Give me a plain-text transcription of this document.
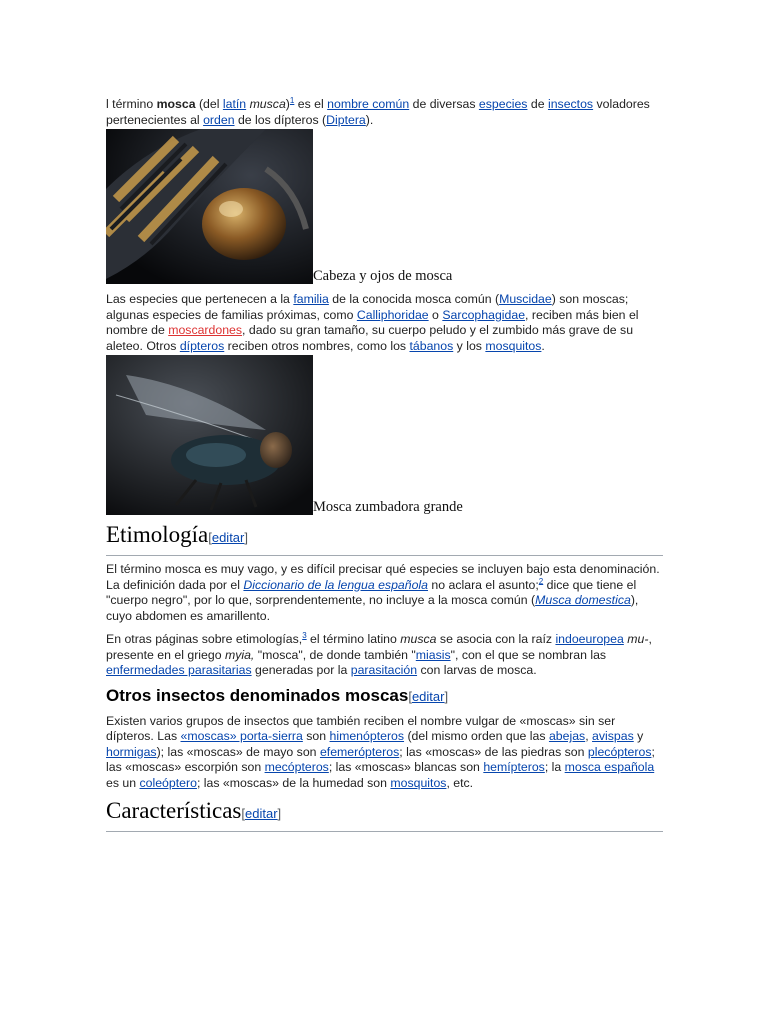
l término mosca (del latín musca)$^1$ es el nombre común de diversas especies de insectos voladores pertenecientes al orden de los dípteros (Diptera).

Cabeza y ojos de mosca

Las especies que pertenecen a la familia de la conocida mosca común (Muscidae) son moscas; algunas especies de familias próximas, como Calliphoridae o Sarcophagidae, reciben más bien el nombre de moscardones, dado su gran tamaño, su cuerpo peludo y el zumbido más grave de su aleteo. Otros dípteros reciben otros nombres, como los tábanos y los mosquitos.

Mosca zumbadora grande
Etimología[editar]

El término mosca es muy vago, y es difícil precisar qué especies se incluyen bajo esta denominación. La definición dada por el Diccionario de la lengua española no aclara el asunto;$^2$ dice que tiene el "cuerpo negro", por lo que, sorprendentemente, no incluye a la mosca común (Musca domestica), cuyo abdomen es amarillento.

En otras páginas sobre etimologías,$^3$ el término latino musca se asocia con la raíz indoeuropea mu-, presente en el griego myia, "mosca", de donde también "miasis", con el que se nombran las enfermedades parasitarias generadas por la parasitación con larvas de mosca.

Otros insectos denominados moscas[editar]

Existen varios grupos de insectos que también reciben el nombre vulgar de «moscas» sin ser dípteros. Las «moscas» porta-sierra son himenópteros (del mismo orden que las abejas, avispas y hormigas); las «moscas» de mayo son efemerópteros; las «moscas» de las piedras son plecópteros; las «moscas» escorpión son mecópteros; las «moscas» blancas son hemípteros; la mosca española es un coleóptero; las «moscas» de la humedad son mosquitos, etc.

Características[editar]
